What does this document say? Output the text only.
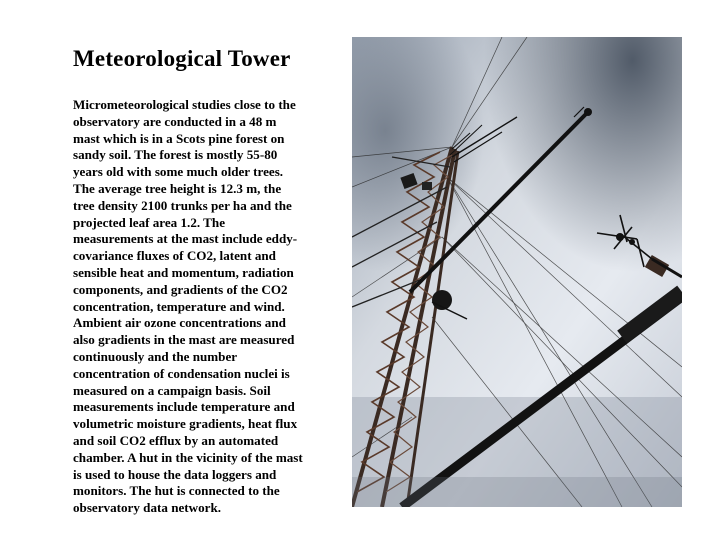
Meteorological Tower
Micrometeorological studies close to the
observatory are conducted in a 48 m
mast which is in a Scots pine forest on
sandy soil. The forest is mostly 55-80
years old with some much older trees.
The average tree height is 12.3 m, the
tree density 2100 trunks per ha and the
projected leaf area 1.2. The
measurements at the mast include eddy-
covariance fluxes of CO2, latent and
sensible heat and momentum, radiation
components, and gradients of the CO2
concentration, temperature and wind.
Ambient air ozone concentrations and
also gradients in the mast are measured
continuously and the number
concentration of condensation nuclei is
measured on a campaign basis. Soil
measurements include temperature and
volumetric moisture gradients, heat flux
and soil CO2 efflux by an automated
chamber. A hut in the vicinity of the mast
is used to house the data loggers and
monitors. The hut is connected to the
observatory data network.
